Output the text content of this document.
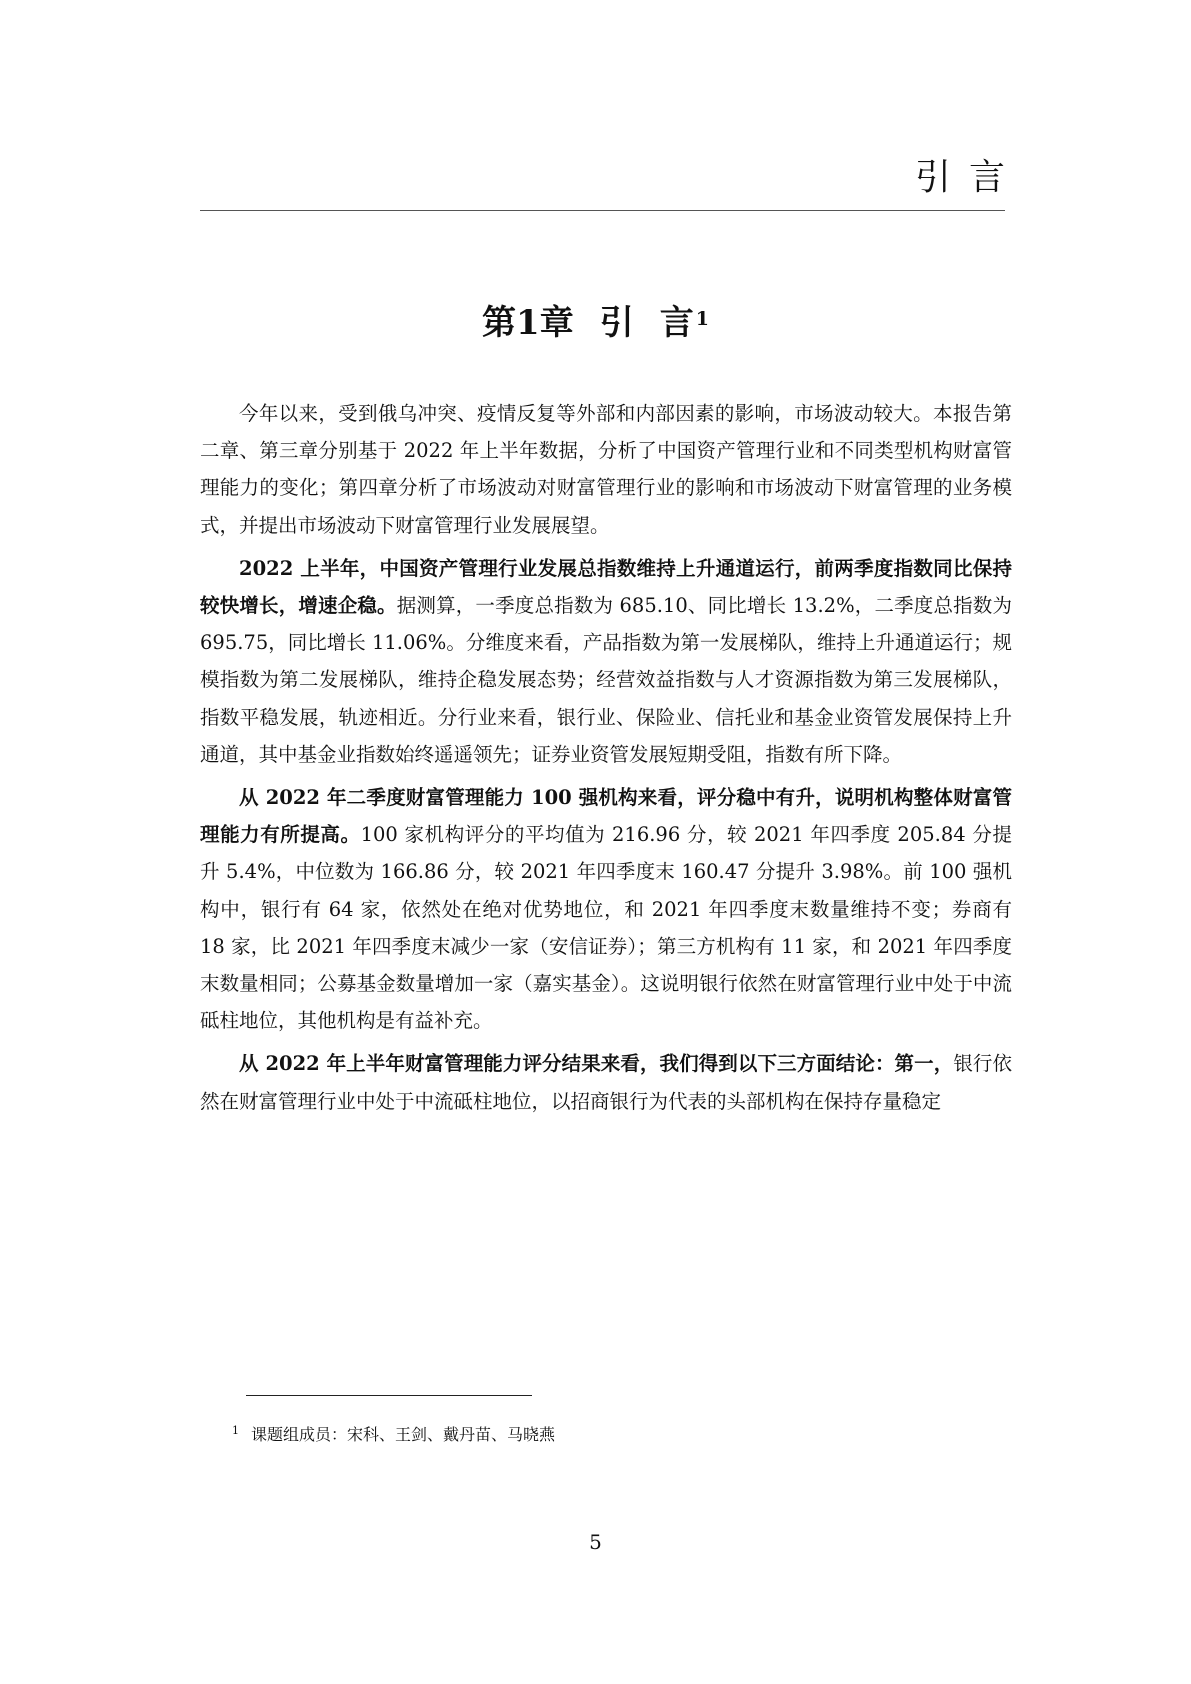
引言
第1章 引 言 $^1$

今年以来，受到俄乌冲突、疫情反复等外部和内部因素的影响，市场波动较大。本报告第二章、第三章分别基于 2022 年上半年数据，分析了中国资产管理行业和不同类型机构财富管理能力的变化；第四章分析了市场波动对财富管理行业的影响和市场波动下财富管理的业务模式，并提出市场波动下财富管理行业发展展望。

2022 上半年，中国资产管理行业发展总指数维持上升通道运行，前两季度指数同比保持较快增长，增速企稳。据测算，一季度总指数为 685.10、同比增长 13.2%，二季度总指数为 695.75，同比增长 11.06%。分维度来看，产品指数为第一发展梯队，维持上升通道运行；规模指数为第二发展梯队，维持企稳发展态势；经营效益指数与人才资源指数为第三发展梯队，指数平稳发展，轨迹相近。分行业来看，银行业、保险业、信托业和基金业资管发展保持上升通道，其中基金业指数始终遥遥领先；证券业资管发展短期受阻，指数有所下降。

从 2022 年二季度财富管理能力 100 强机构来看，评分稳中有升，说明机构整体财富管理能力有所提高。100 家机构评分的平均值为 216.96 分，较 2021 年四季度 205.84 分提升 5.4%，中位数为 166.86 分，较 2021 年四季度末 160.47 分提升 3.98%。前 100 强机构中，银行有 64 家，依然处在绝对优势地位，和 2021 年四季度末数量维持不变；券商有 18 家，比 2021 年四季度末减少一家（安信证券）；第三方机构有 11 家，和 2021 年四季度末数量相同；公募基金数量增加一家（嘉实基金）。这说明银行依然在财富管理行业中处于中流砥柱地位，其他机构是有益补充。

从 2022 年上半年财富管理能力评分结果来看，我们得到以下三方面结论：第一，银行依然在财富管理行业中处于中流砥柱地位，以招商银行为代表的头部机构在保持存量稳定

$^1$ 课题组成员：宋科、王剑、戴丹苗、马晓燕
5
